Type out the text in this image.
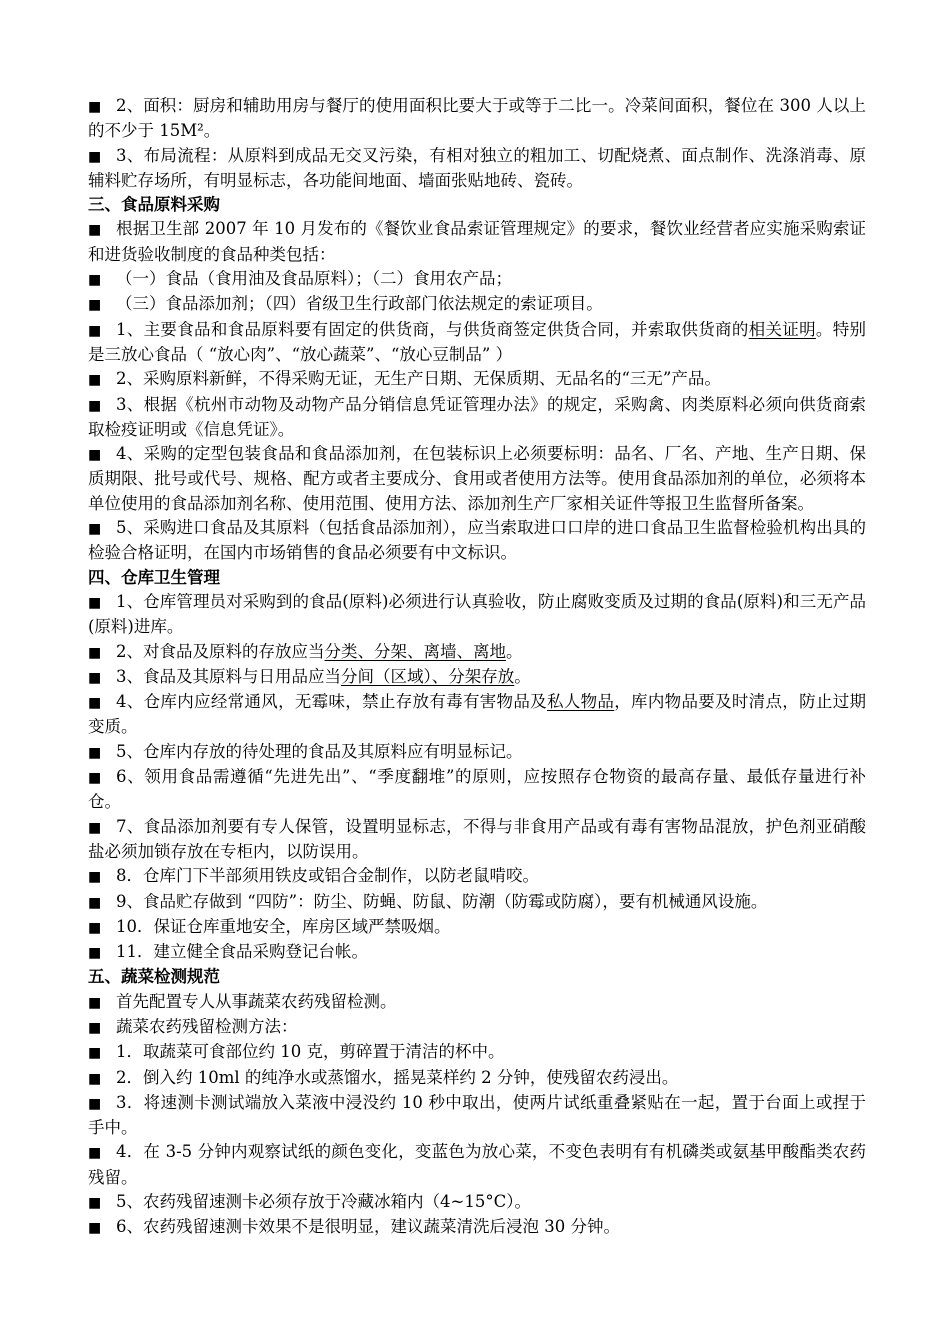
■ 2、面积：厨房和辅助用房与餐厅的使用面积比要大于或等于二比一。冷菜间面积，餐位在 300 人以上的不少于 15M²。
■ 3、布局流程：从原料到成品无交叉污染，有相对独立的粗加工、切配烧煮、面点制作、洗涤消毒、原辅料贮存场所，有明显标志，各功能间地面、墙面张贴地砖、瓷砖。
三、食品原料采购
■ 根据卫生部 2007 年 10 月发布的《餐饮业食品索证管理规定》的要求，餐饮业经营者应实施采购索证和进货验收制度的食品种类包括：
■ （一）食品（食用油及食品原料）；（二）食用农产品；
■ （三）食品添加剂；（四）省级卫生行政部门依法规定的索证项目。
■ 1、主要食品和食品原料要有固定的供货商，与供货商签定供货合同，并索取供货商的相关证明。特别是三放心食品（ “放心肉”、“放心蔬菜”、“放心豆制品” ）
■ 2、采购原料新鲜，不得采购无证，无生产日期、无保质期、无品名的“三无”产品。
■ 3、根据《杭州市动物及动物产品分销信息凭证管理办法》的规定，采购禽、肉类原料必须向供货商索取检疫证明或《信息凭证》。
■ 4、采购的定型包装食品和食品添加剂，在包装标识上必须要标明：品名、厂名、产地、生产日期、保质期限、批号或代号、规格、配方或者主要成分、食用或者使用方法等。使用食品添加剂的单位，必须将本单位使用的食品添加剂名称、使用范围、使用方法、添加剂生产厂家相关证件等报卫生监督所备案。
■ 5、采购进口食品及其原料（包括食品添加剂），应当索取进口口岸的进口食品卫生监督检验机构出具的检验合格证明，在国内市场销售的食品必须要有中文标识。
四、仓库卫生管理
■ 1、仓库管理员对采购到的食品(原料)必须进行认真验收，防止腐败变质及过期的食品(原料)和三无产品(原料)进库。
■ 2、对食品及原料的存放应当分类、分架、离墙、离地。
■ 3、食品及其原料与日用品应当分间（区域）、分架存放。
■ 4、仓库内应经常通风，无霉味，禁止存放有毒有害物品及私人物品，库内物品要及时清点，防止过期变质。
■ 5、仓库内存放的待处理的食品及其原料应有明显标记。
■ 6、领用食品需遵循“先进先出”、“季度翻堆”的原则，应按照存仓物资的最高存量、最低存量进行补仓。
■ 7、食品添加剂要有专人保管，设置明显标志，不得与非食用产品或有毒有害物品混放，护色剂亚硝酸盐必须加锁存放在专柜内，以防误用。
■ 8．仓库门下半部须用铁皮或铝合金制作，以防老鼠啃咬。
■ 9、食品贮存做到 “四防”：防尘、防蝇、防鼠、防潮（防霉或防腐），要有机械通风设施。
■ 10．保证仓库重地安全，库房区域严禁吸烟。
■ 11．建立健全食品采购登记台帐。
五、蔬菜检测规范
■ 首先配置专人从事蔬菜农药残留检测。
■ 蔬菜农药残留检测方法：
■ 1．取蔬菜可食部位约 10 克，剪碎置于清洁的杯中。
■ 2．倒入约 10ml 的纯净水或蒸馏水，摇晃菜样约 2 分钟，使残留农药浸出。
■ 3．将速测卡测试端放入菜液中浸没约 10 秒中取出，使两片试纸重叠紧贴在一起，置于台面上或捏于手中。
■ 4．在 3-5 分钟内观察试纸的颜色变化，变蓝色为放心菜，不变色表明有有机磷类或氨基甲酸酯类农药残留。
■ 5、农药残留速测卡必须存放于冷藏冰箱内（4~15°C）。
■ 6、农药残留速测卡效果不是很明显，建议蔬菜清洗后浸泡 30 分钟。
